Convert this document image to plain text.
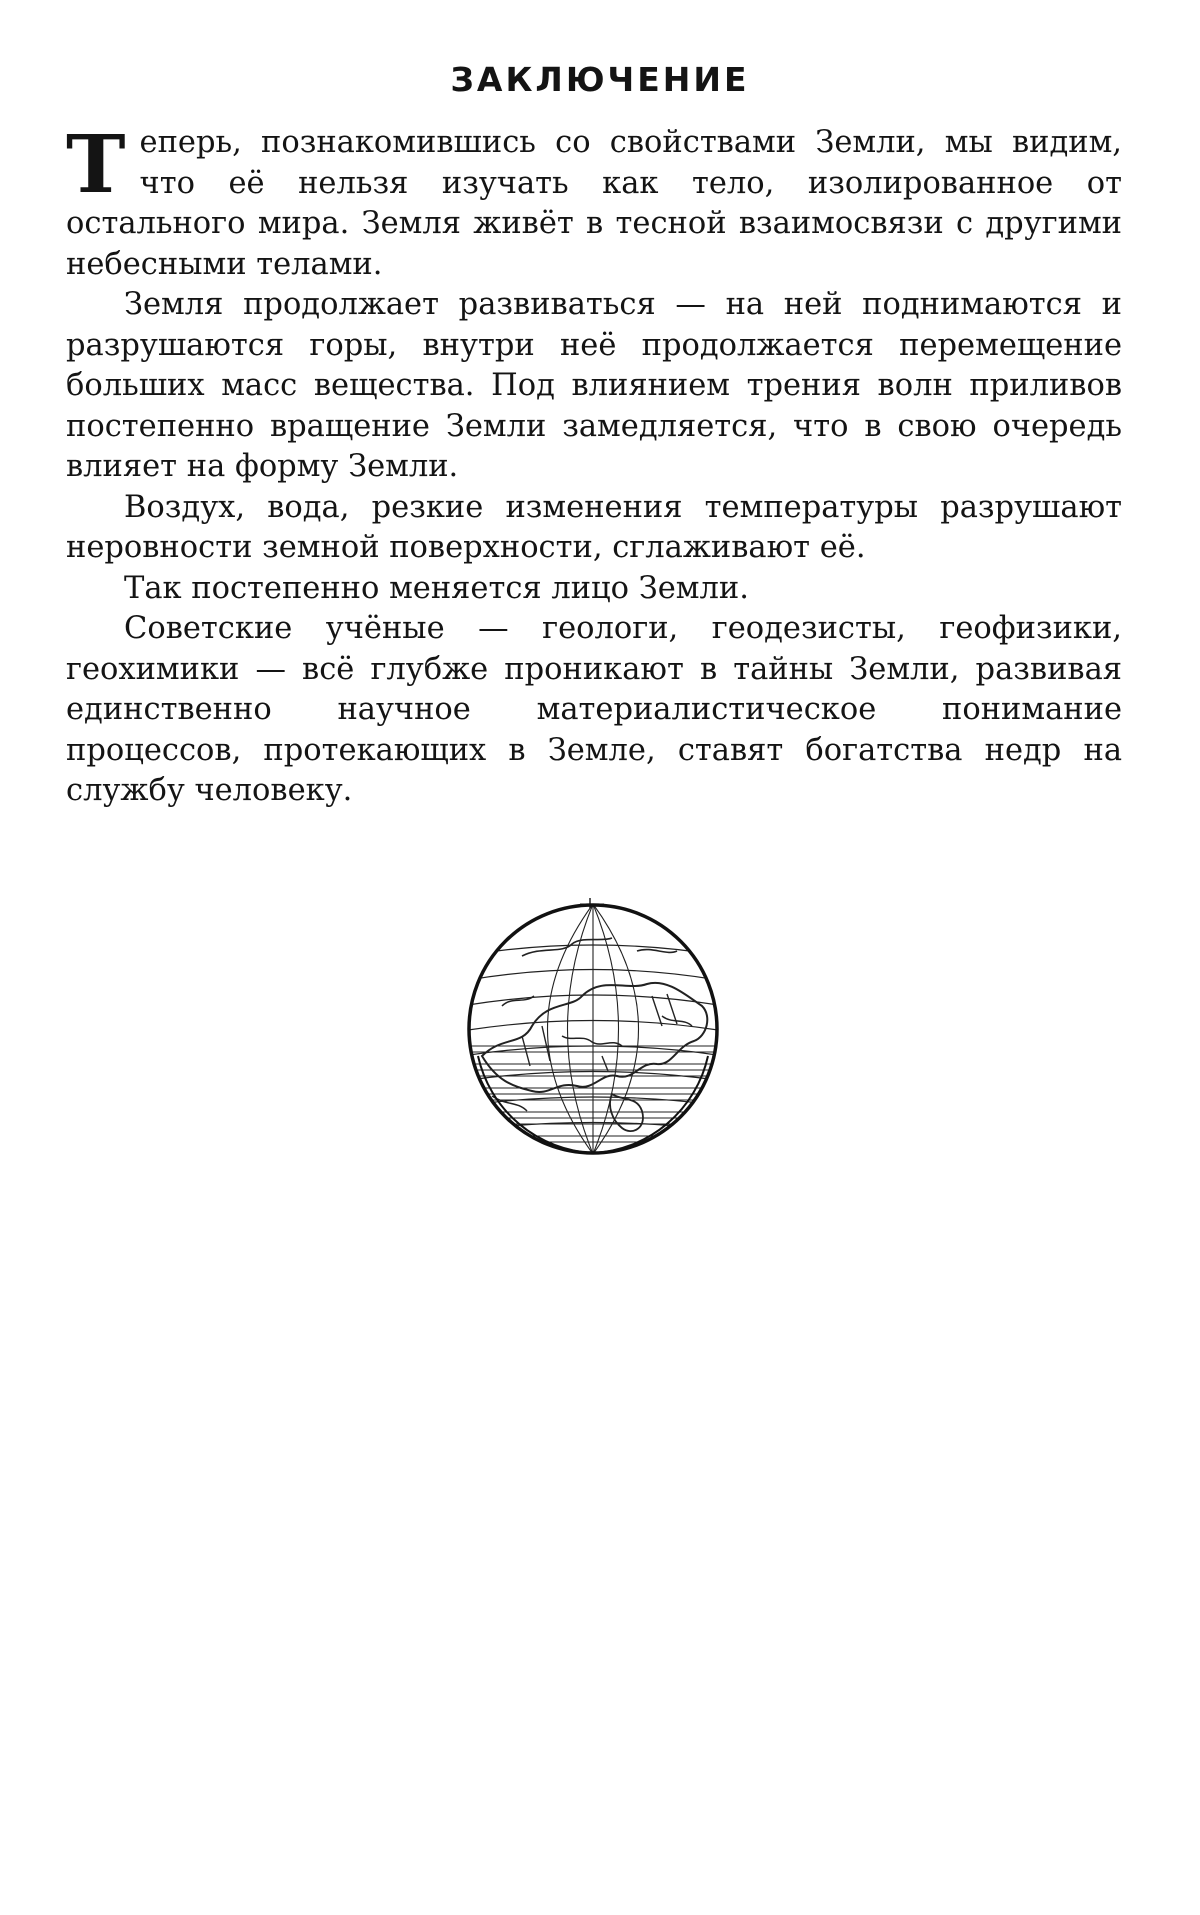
ЗАКЛЮЧЕНИЕ

Теперь, познакомившись со свойствами Земли, мы видим, что её нельзя изучать как тело, изолированное от остального мира. Земля живёт в тесной взаимосвязи с другими небесными телами.

Земля продолжает развиваться — на ней поднимаются и разрушаются горы, внутри неё продолжается перемещение больших масс вещества. Под влиянием трения волн приливов постепенно вращение Земли замедляется, что в свою очередь влияет на форму Земли.

Воздух, вода, резкие изменения температуры разрушают неровности земной поверхности, сглаживают её.

Так постепенно меняется лицо Земли.

Советские учёные — геологи, геодезисты, геофизики, геохимики — всё глубже проникают в тайны Земли, развивая единственно научное материалистическое понимание процессов, протекающих в Земле, ставят богатства недр на службу человеку.
